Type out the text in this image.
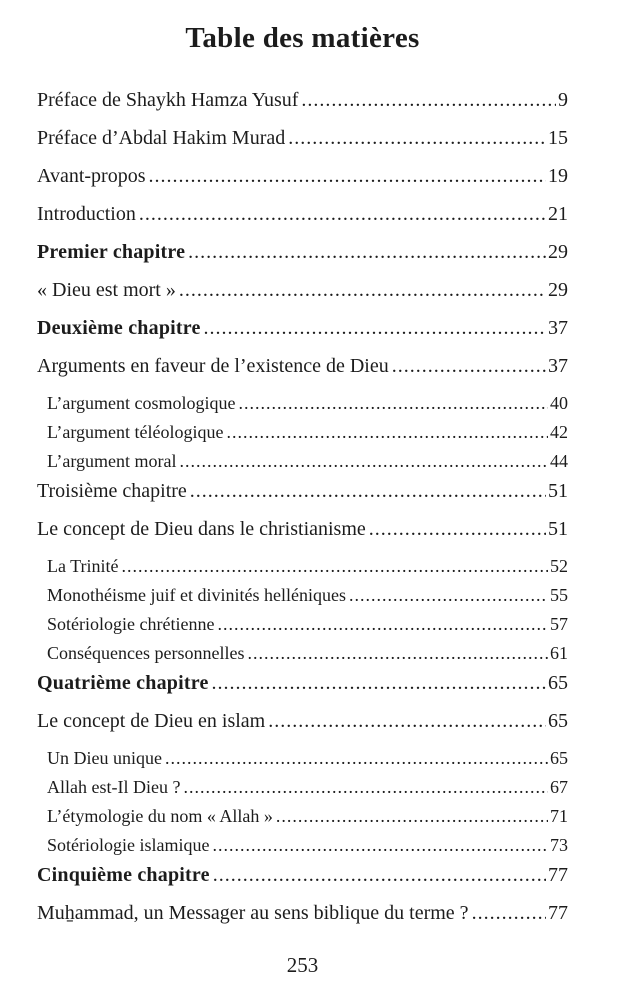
Table des matières
Préface de Shaykh Hamza Yusuf .....	9
Préface d’Abdal Hakim Murad .....	15
Avant-propos .....	19
Introduction .....	21
Premier chapitre .....	29
« Dieu est mort » .....	29
Deuxième chapitre .....	37
Arguments en faveur de l’existence de Dieu .....	37
L’argument cosmologique .....	40
L’argument téléologique .....	42
L’argument moral .....	44
Troisième chapitre .....	51
Le concept de Dieu dans le christianisme .....	51
La Trinité .....	52
Monothéisme juif et divinités helléniques .....	55
Sotériologie chrétienne .....	57
Conséquences personnelles .....	61
Quatrième chapitre .....	65
Le concept de Dieu en islam .....	65
Un Dieu unique .....	65
Allah est-Il Dieu ? .....	67
L’étymologie du nom « Allah » .....	71
Sotériologie islamique .....	73
Cinquième chapitre .....	77
Muẖammad, un Messager au sens biblique du terme ? .....	77
253
